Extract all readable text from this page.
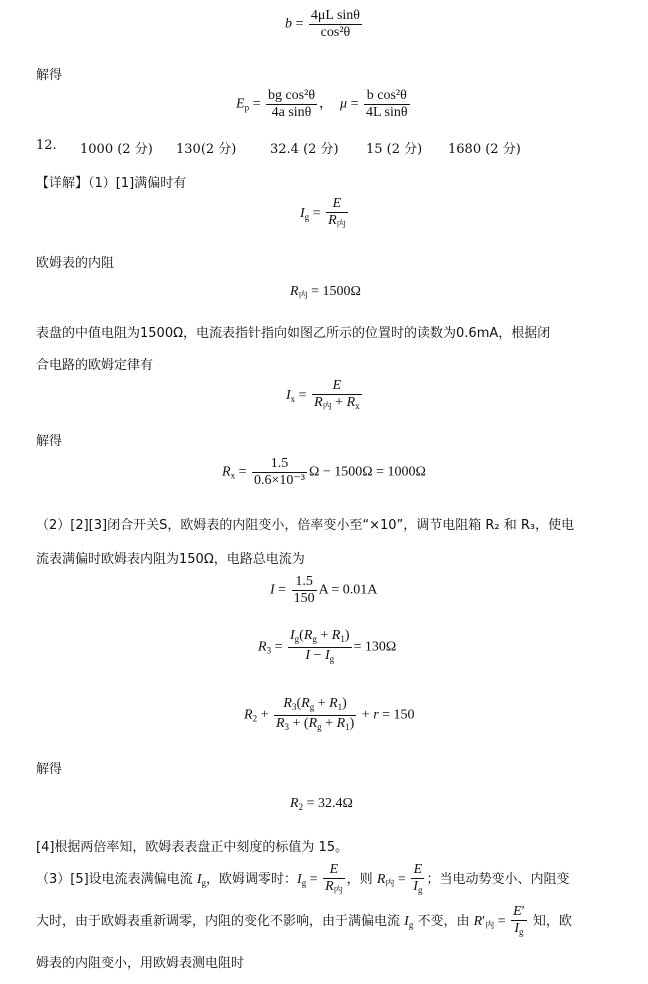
$b = \frac{\text{4μL sinθ}}{\text{cos²θ}}$
解得
$E_p = \frac{\text{bg cos²θ}}{\text{4a sinθ}}$ ，  $\mu = \frac{\text{b cos²θ}}{\text{4L sinθ}}$
12. 1000 (2 分) 130(2 分)	32.4 (2 分) 15 (2 分) 1680 (2 分)
【详解】（1）[1]满偏时有
$I_g = \frac{E}{R_内}$
欧姆表的内阻
$R_内 = 1500\Omega$
表盘的中值电阻为1500Ω，电流表指针指向如图乙所示的位置时的读数为0.6mA，根据闭
合电路的欧姆定律有
$I_x = \frac{E}{R_内 + R_x}$
解得
$R_x = \frac{1.5}{\text{0.6×10⁻³}}$ Ω − 1500Ω = 1000Ω
（2）[2][3]闭合开关S，欧姆表的内阻变小，倍率变小至“×10”，调节电阻箱 R₂ 和 R₃，使电
流表满偏时欧姆表内阻为150Ω，电路总电流为
$I = \frac{1.5}{150}$ A = 0.01A
$R_3 = \frac{I_g(R_g + R_1)}{I - I_g} = 130\Omega$
$R_2 + \frac{R_3(R_g + R_1)}{R_3 + (R_g + R_1)} + r = 150$
解得
$R_2 = 32.4\Omega$
[4]根据两倍率知，欧姆表表盘正中刻度的标值为 15。
（3）[5]设电流表满偏电流 $I_g$，欧姆调零时：$I_g = \frac{E}{R_内}$ ，则 $R_内 = \frac{E}{I_g}$ ；当电动势变小、内阻变
大时，由于欧姆表重新调零，内阻的变化不影响，由于满偏电流 $I_g$ 不变，由 $R'_内 = \frac{E'}{I_g}$ 知，欧
姆表的内阻变小，用欧姆表测电阻时
